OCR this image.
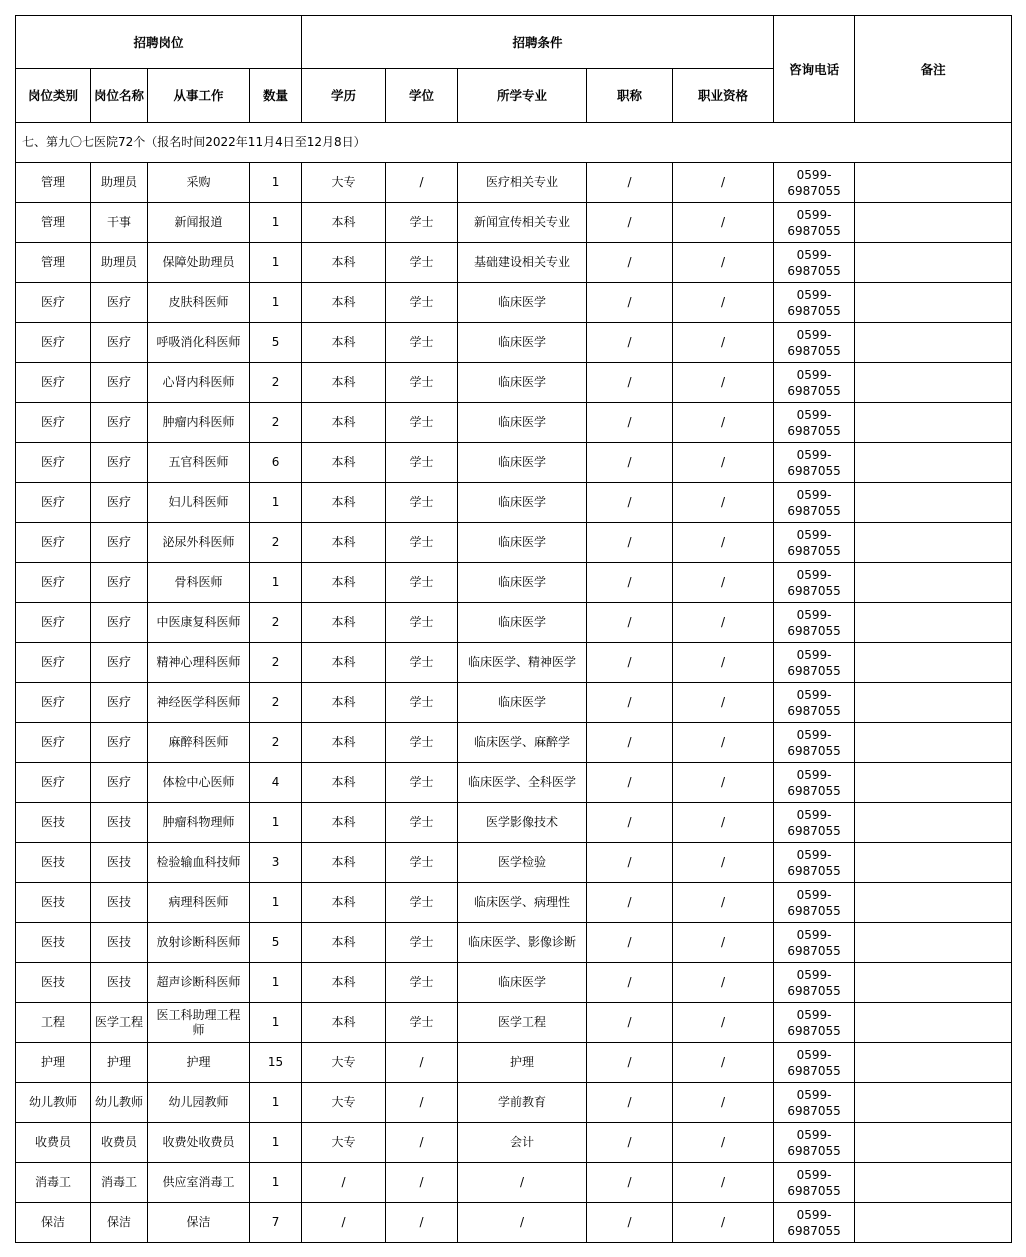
招聘岗位				招聘条件					咨询电话	备注
岗位类别	岗位名称	从事工作	数量	学历	学位	所学专业	职称	职业资格		
七、第九〇七医院72个（报名时间2022年11月4日至12月8日）										
管理	助理员	采购	1	大专	/	医疗相关专业	/	/	0599-6987055	
管理	干事	新闻报道	1	本科	学士	新闻宣传相关专业	/	/	0599-6987055	
管理	助理员	保障处助理员	1	本科	学士	基础建设相关专业	/	/	0599-6987055	
医疗	医疗	皮肤科医师	1	本科	学士	临床医学	/	/	0599-6987055	
医疗	医疗	呼吸消化科医师	5	本科	学士	临床医学	/	/	0599-6987055	
医疗	医疗	心肾内科医师	2	本科	学士	临床医学	/	/	0599-6987055	
医疗	医疗	肿瘤内科医师	2	本科	学士	临床医学	/	/	0599-6987055	
医疗	医疗	五官科医师	6	本科	学士	临床医学	/	/	0599-6987055	
医疗	医疗	妇儿科医师	1	本科	学士	临床医学	/	/	0599-6987055	
医疗	医疗	泌尿外科医师	2	本科	学士	临床医学	/	/	0599-6987055	
医疗	医疗	骨科医师	1	本科	学士	临床医学	/	/	0599-6987055	
医疗	医疗	中医康复科医师	2	本科	学士	临床医学	/	/	0599-6987055	
医疗	医疗	精神心理科医师	2	本科	学士	临床医学、精神医学	/	/	0599-6987055	
医疗	医疗	神经医学科医师	2	本科	学士	临床医学	/	/	0599-6987055	
医疗	医疗	麻醉科医师	2	本科	学士	临床医学、麻醉学	/	/	0599-6987055	
医疗	医疗	体检中心医师	4	本科	学士	临床医学、全科医学	/	/	0599-6987055	
医技	医技	肿瘤科物理师	1	本科	学士	医学影像技术	/	/	0599-6987055	
医技	医技	检验输血科技师	3	本科	学士	医学检验	/	/	0599-6987055	
医技	医技	病理科医师	1	本科	学士	临床医学、病理性	/	/	0599-6987055	
医技	医技	放射诊断科医师	5	本科	学士	临床医学、影像诊断	/	/	0599-6987055	
医技	医技	超声诊断科医师	1	本科	学士	临床医学	/	/	0599-6987055	
工程	医学工程	医工科助理工程师	1	本科	学士	医学工程	/	/	0599-6987055	
护理	护理	护理	15	大专	/	护理	/	/	0599-6987055	
幼儿教师	幼儿教师	幼儿园教师	1	大专	/	学前教育	/	/	0599-6987055	
收费员	收费员	收费处收费员	1	大专	/	会计	/	/	0599-6987055	
消毒工	消毒工	供应室消毒工	1	/	/	/	/	/	0599-6987055	
保洁	保洁	保洁	7	/	/	/	/	/	0599-6987055	
